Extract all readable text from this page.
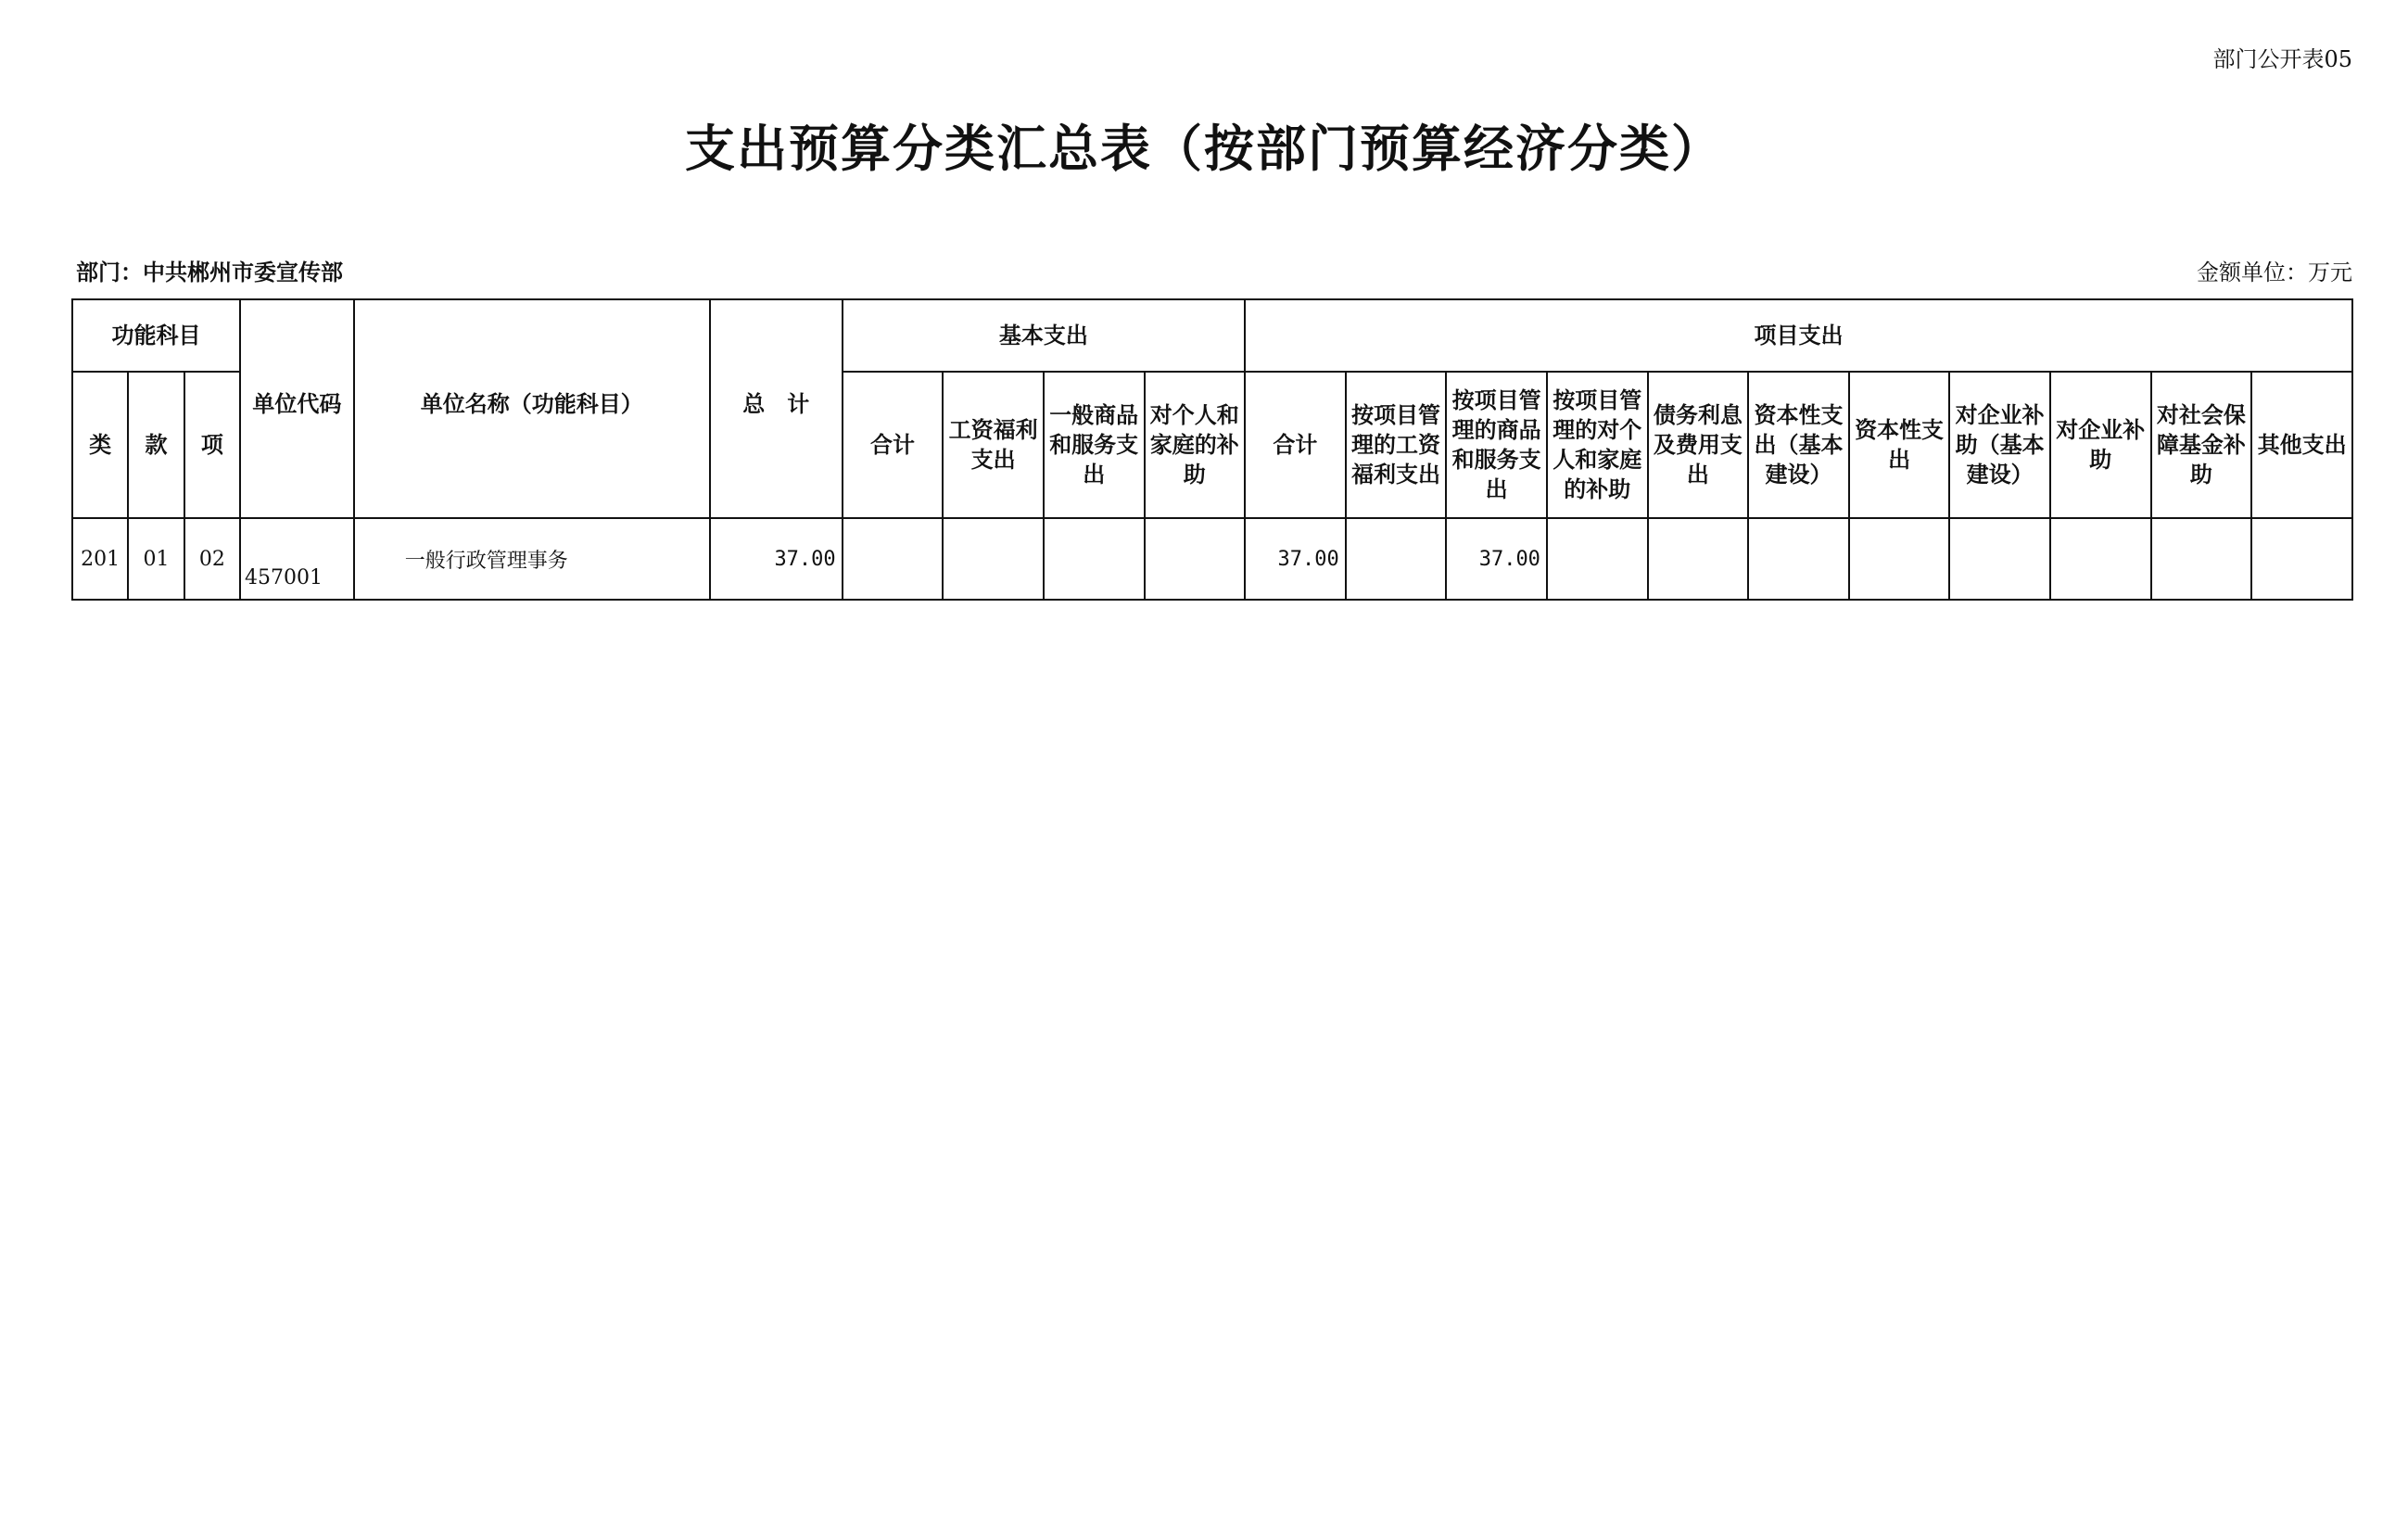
部门公开表05
支出预算分类汇总表（按部门预算经济分类）
部门：中共郴州市委宣传部	金额单位：万元
功能科目			单位代码	单位名称（功能科目）	总　计	基本支出				项目支出										
类	款	项				合计	工资福利支出	一般商品和服务支出	对个人和家庭的补助	合计	按项目管理的工资福利支出	按项目管理的商品和服务支出	按项目管理的对个人和家庭的补助	债务利息及费用支出	资本性支出（基本建设）	资本性支出	对企业补助（基本建设）	对企业补助	对社会保障基金补助	其他支出
201	01	02	457001	一般行政管理事务	37.00					37.00		37.00								
